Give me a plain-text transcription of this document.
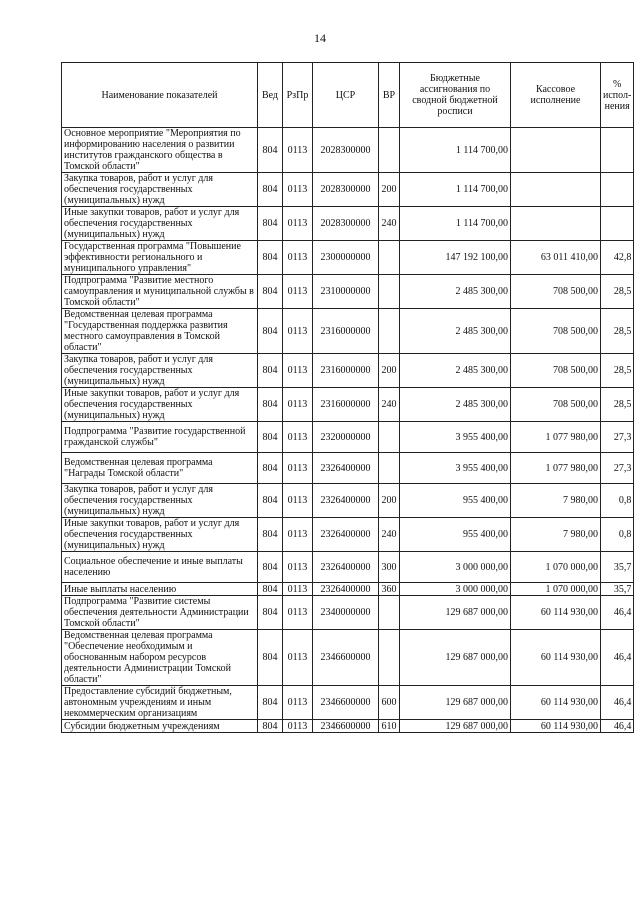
14
Наименование показателей	Вед	РзПр	ЦСР	ВР	Бюджетные ассигнования по сводной бюджетной росписи	Кассовое исполнение	% испол-нения
Основное мероприятие "Мероприятия по информированию населения о развитии институтов гражданского общества в Томской области"	804	0113	2028300000		1 114 700,00		
Закупка товаров, работ и услуг для обеспечения государственных (муниципальных) нужд	804	0113	2028300000	200	1 114 700,00		
Иные закупки товаров, работ и услуг для обеспечения государственных (муниципальных) нужд	804	0113	2028300000	240	1 114 700,00		
Государственная программа "Повышение эффективности регионального и муниципального управления"	804	0113	2300000000		147 192 100,00	63 011 410,00	42,8
Подпрограмма "Развитие местного самоуправления и муниципальной службы в Томской области"	804	0113	2310000000		2 485 300,00	708 500,00	28,5
Ведомственная целевая программа "Государственная поддержка развития местного самоуправления в Томской области"	804	0113	2316000000		2 485 300,00	708 500,00	28,5
Закупка товаров, работ и услуг для обеспечения государственных (муниципальных) нужд	804	0113	2316000000	200	2 485 300,00	708 500,00	28,5
Иные закупки товаров, работ и услуг для обеспечения государственных (муниципальных) нужд	804	0113	2316000000	240	2 485 300,00	708 500,00	28,5
Подпрограмма "Развитие государственной гражданской службы"	804	0113	2320000000		3 955 400,00	1 077 980,00	27,3
Ведомственная целевая программа "Награды Томской области"	804	0113	2326400000		3 955 400,00	1 077 980,00	27,3
Закупка товаров, работ и услуг для обеспечения государственных (муниципальных) нужд	804	0113	2326400000	200	955 400,00	7 980,00	0,8
Иные закупки товаров, работ и услуг для обеспечения государственных (муниципальных) нужд	804	0113	2326400000	240	955 400,00	7 980,00	0,8
Социальное обеспечение и иные выплаты населению	804	0113	2326400000	300	3 000 000,00	1 070 000,00	35,7
Иные выплаты населению	804	0113	2326400000	360	3 000 000,00	1 070 000,00	35,7
Подпрограмма "Развитие системы обеспечения деятельности Администрации Томской области"	804	0113	2340000000		129 687 000,00	60 114 930,00	46,4
Ведомственная целевая программа "Обеспечение необходимым и обоснованным набором ресурсов деятельности Администрации Томской области"	804	0113	2346600000		129 687 000,00	60 114 930,00	46,4
Предоставление субсидий бюджетным, автономным учреждениям и иным некоммерческим организациям	804	0113	2346600000	600	129 687 000,00	60 114 930,00	46,4
Субсидии бюджетным учреждениям	804	0113	2346600000	610	129 687 000,00	60 114 930,00	46,4
